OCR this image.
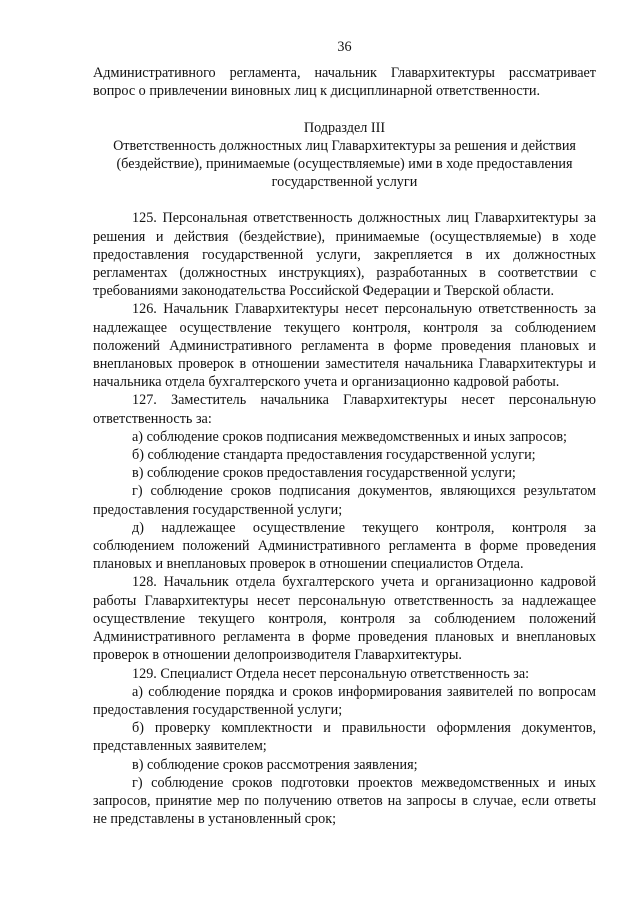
36

Административного регламента, начальник Главархитектуры рассматривает вопрос о привлечении виновных лиц к дисциплинарной ответственности.

Подраздел III

Ответственность должностных лиц Главархитектуры за решения и действия (бездействие), принимаемые (осуществляемые) ими в ходе предоставления государственной услуги

125. Персональная ответственность должностных лиц Главархитектуры за решения и действия (бездействие), принимаемые (осуществляемые) в ходе предоставления государственной услуги, закрепляется в их должностных регламентах (должностных инструкциях), разработанных в соответствии с требованиями законодательства Российской Федерации и Тверской области.

126. Начальник Главархитектуры несет персональную ответственность за надлежащее осуществление текущего контроля, контроля за соблюдением положений Административного регламента в форме проведения плановых и внеплановых проверок в отношении заместителя начальника Главархитектуры и начальника отдела бухгалтерского учета и организационно кадровой работы.

127. Заместитель начальника Главархитектуры несет персональную ответственность за:

а) соблюдение сроков подписания межведомственных и иных запросов;

б) соблюдение стандарта предоставления государственной услуги;

в) соблюдение сроков предоставления государственной услуги;

г) соблюдение сроков подписания документов, являющихся результатом предоставления государственной услуги;

д) надлежащее осуществление текущего контроля, контроля за соблюдением положений Административного регламента в форме проведения плановых и внеплановых проверок в отношении специалистов Отдела.

128. Начальник отдела бухгалтерского учета и организационно кадровой работы Главархитектуры несет персональную ответственность за надлежащее осуществление текущего контроля, контроля за соблюдением положений Административного регламента в форме проведения плановых и внеплановых проверок в отношении делопроизводителя Главархитектуры.

129. Специалист Отдела несет персональную ответственность за:

а) соблюдение порядка и сроков информирования заявителей по вопросам предоставления государственной услуги;

б) проверку комплектности и правильности оформления документов, представленных заявителем;

в) соблюдение сроков рассмотрения заявления;

г) соблюдение сроков подготовки проектов межведомственных и иных запросов, принятие мер по получению ответов на запросы в случае, если ответы не представлены в установленный срок;
